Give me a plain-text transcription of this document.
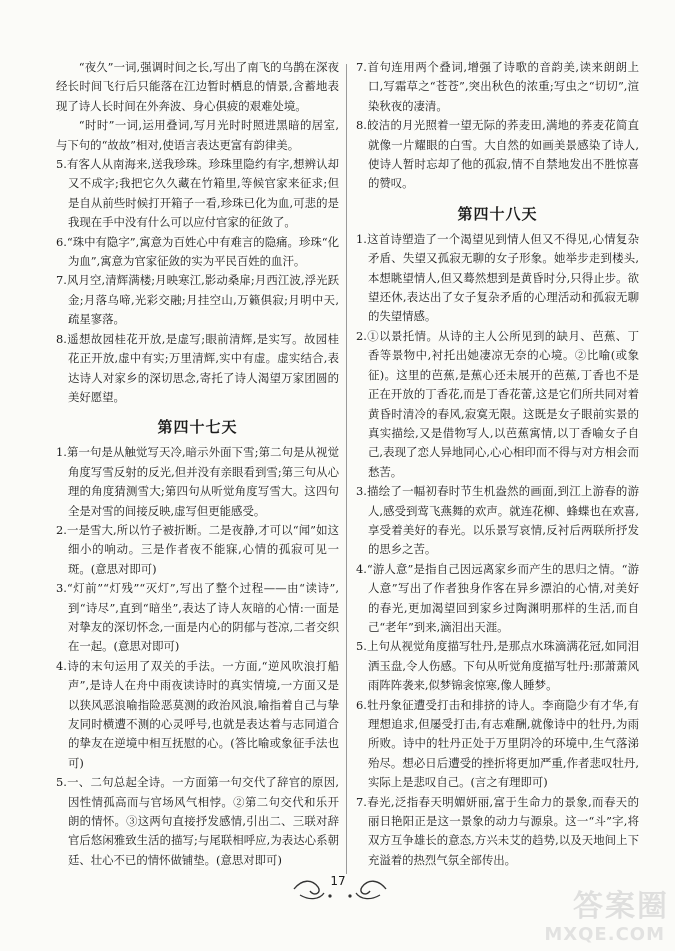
“夜久”一词,强调时间之长,写出了南飞的乌鹊在深夜经长时间飞行后只能落在江边暂时栖息的情景,含蓄地表现了诗人长时间在外奔波、身心俱疲的艰难处境。

“时时”一词,运用叠词,写月光时时照进黑暗的居室,与下句的“故故”相对,使语言表达更富有韵律美。

5.有客人从南海来,送我珍珠。珍珠里隐约有字,想辨认却又不成字;我把它久久藏在竹箱里,等候官家来征求;但是自从前些时候打开箱子一看,珍珠已化为血,可悲的是我现在手中没有什么可以应付官家的征敛了。

6.“珠中有隐字”,寓意为百姓心中有难言的隐痛。珍珠“化为血”,寓意为官家征敛的实为平民百姓的血汗。

7.风月空,清辉满楼;月映寒江,影动桑扉;月西江波,浮光跃金;月落乌啼,光彩交融;月挂空山,万籁俱寂;月明中天,疏星寥落。

8.遥想故园桂花开放,是虚写;眼前清辉,是实写。故园桂花正开放,虚中有实;万里清辉,实中有虚。虚实结合,表达诗人对家乡的深切思念,寄托了诗人渴望万家团圆的美好愿望。

第四十七天

1.第一句是从触觉写天冷,暗示外面下雪;第二句是从视觉角度写雪反射的反光,但并没有亲眼看到雪;第三句从心理的角度猜测雪大;第四句从听觉角度写雪大。这四句全是对雪的间接反映,虚写但更能感受。

2.一是雪大,所以竹子被折断。二是夜静,才可以“闻”如这细小的响动。三是作者夜不能寐,心情的孤寂可见一斑。(意思对即可)

3.“灯前”“灯残”“灭灯”,写出了整个过程——由“读诗”,到“诗尽”,直到“暗坐”,表达了诗人灰暗的心情:一面是对挚友的深切怀念,一面是内心的阴郁与苍凉,二者交织在一起。(意思对即可)

4.诗的末句运用了双关的手法。一方面,“逆风吹浪打船声”,是诗人在舟中雨夜读诗时的真实情境,一方面又是以狭风恶浪喻指险恶莫测的政治风浪,喻指着自己与挚友同时横遭不测的心灵呼号,也就是表达着与志同道合的挚友在逆境中相互抚慰的心。(答比喻或象征手法也可)

5.一、二句总起全诗。一方面第一句交代了辞官的原因,因性情孤高而与官场风气相悖。②第二句交代和乐开朗的情怀。③这两句直接抒发感情,引出二、三联对辞官后悠闲雅致生活的描写;与尾联相呼应,为表达心系朝廷、壮心不已的情怀做铺垫。(意思对即可)

7.首句连用两个叠词,增强了诗歌的音韵美,读来朗朗上口,写霜草之“苍苍”,突出秋色的浓重;写虫之“切切”,渲染秋夜的凄清。

8.皎洁的月光照着一望无际的荞麦田,满地的荞麦花简直就像一片耀眼的白雪。大自然的如画美景感染了诗人,使诗人暂时忘却了他的孤寂,情不自禁地发出不胜惊喜的赞叹。

第四十八天

1.这首诗塑造了一个渴望见到情人但又不得见,心情复杂矛盾、失望又孤寂无聊的女子形象。她举步走到楼头,本想眺望情人,但又蓦然想到是黄昏时分,只得止步。欲望还休,表达出了女子复杂矛盾的心理活动和孤寂无聊的失望情感。

2.①以景托情。从诗的主人公所见到的缺月、芭蕉、丁香等景物中,衬托出她凄凉无奈的心境。②比喻(或象征)。这里的芭蕉,是蕉心还未展开的芭蕉,丁香也不是正在开放的丁香花,而是丁香花蕾,这是它们所共同对着黄昏时清冷的春风,寂寞无限。这既是女子眼前实景的真实描绘,又是借物写人,以芭蕉寓情,以丁香喻女子自己,表现了恋人异地同心,心心相印而不得与对方相会而愁苦。

3.描绘了一幅初春时节生机盎然的画面,到江上游春的游人,感受到莺飞燕舞的欢声。就连花柳、蜂蝶也在欢喜,享受着美好的春光。以乐景写哀情,反衬后两联所抒发的思乡之苦。

4.“游人意”是指自己因远离家乡而产生的思归之情。“游人意”写出了作者独身作客在异乡漂泊的心情,对美好的春光,更加渴望回到家乡过陶渊明那样的生活,而自己“老年”到来,滴泪出天涯。

5.上句从视觉角度描写牡丹,是那点水珠滴满花冠,如同泪洒玉盘,令人伤感。下句从听觉角度描写牡丹:那萧萧风雨阵阵袭来,似梦锦衾惊寒,像人睡梦。

6.牡丹象征遭受打击和排挤的诗人。李商隐少有才华,有理想追求,但屡受打击,有志难酬,就像诗中的牡丹,为雨所败。诗中的牡丹正处于万里阴冷的环境中,生气落涕殆尽。想必日后遭受的挫折将更加严重,作者悲叹牡丹,实际上是悲叹自己。(言之有理即可)

7.春光,泛指春天明媚妍丽,富于生命力的景象,而春天的丽日艳阳正是这一景象的动力与源泉。这一“斗”字,将双方互争雄长的意态,方兴未艾的趋势,以及天地间上下充溢着的热烈气氛全部传出。

17
答案圈
MXQE.COM
